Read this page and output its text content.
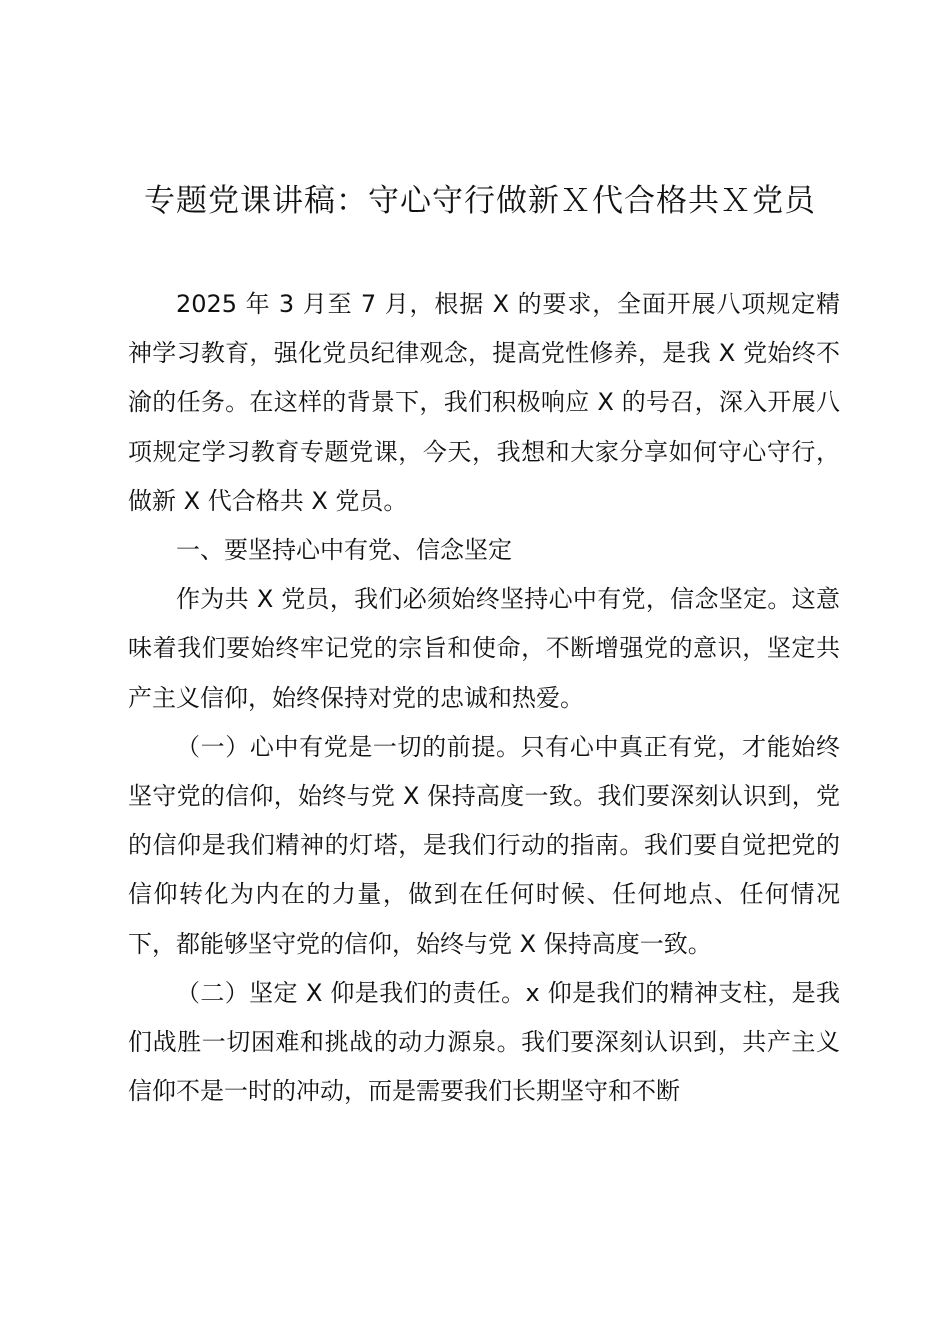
专题党课讲稿：守心守行做新Ｘ代合格共Ｘ党员

2025 年 3 月至 7 月，根据 X 的要求，全面开展八项规定精神学习教育，强化党员纪律观念，提高党性修养，是我 X 党始终不渝的任务。在这样的背景下，我们积极响应 X 的号召，深入开展八项规定学习教育专题党课，今天，我想和大家分享如何守心守行，做新 X 代合格共 X 党员。

一、要坚持心中有党、信念坚定

作为共 X 党员，我们必须始终坚持心中有党，信念坚定。这意味着我们要始终牢记党的宗旨和使命，不断增强党的意识，坚定共产主义信仰，始终保持对党的忠诚和热爱。

（一）心中有党是一切的前提。只有心中真正有党，才能始终坚守党的信仰，始终与党 X 保持高度一致。我们要深刻认识到，党的信仰是我们精神的灯塔，是我们行动的指南。我们要自觉把党的信仰转化为内在的力量，做到在任何时候、任何地点、任何情况下，都能够坚守党的信仰，始终与党 X 保持高度一致。

（二）坚定 X 仰是我们的责任。x 仰是我们的精神支柱，是我们战胜一切困难和挑战的动力源泉。我们要深刻认识到，共产主义信仰不是一时的冲动，而是需要我们长期坚守和不断
